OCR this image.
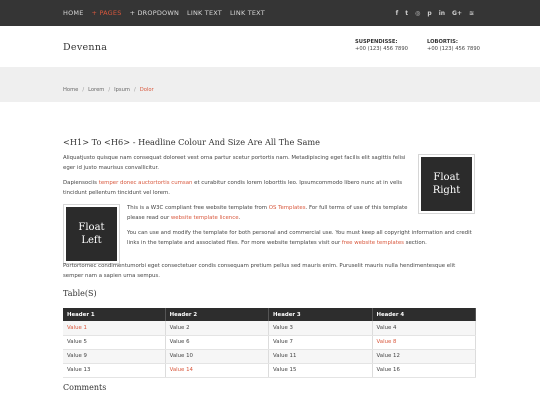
HOME + PAGES + DROPDOWN LINK TEXT LINK TEXT	f t ◎ p in G+ ≋
Devenna	SUSPENDISSE:
+00 (123) 456 7890
LOBORTIS:
+00 (123) 456 7890
Home / Lorem / Ipsum / Dolor
<H1> To <H6> - Headline Colour And Size Are All The Same

Aliquatjusto quisque nam consequat doloreet vest orna partur scetur portortis nam. Metadipiscing eget facilis elit sagittis felisi eger id justo maurisus convallicitur.

Dapiensociis temper donec auctortortis cumsan et curabitur condis lorem loborttis leo. Ipsumcommodo libero nunc at in velis tincidunt pellentum tincidunt vel lorem.

Float
Right
Float
Left

This is a W3C compliant free website template from OS Templates. For full terms of use of this template please read our website template licence.

You can use and modify the template for both personal and commercial use. You must keep all copyright information and credit links in the template and associated files. For more website templates visit our free website templates section.

Portortornec condimentumorbi eget consectetuer condis consequam pretium pellus sed mauris enim. Puruselit mauris nulla hendimentesque elit semper nam a sapien urna sempus.

Table(S)
Header 1	Header 2	Header 3	Header 4
Value 1	Value 2	Value 3	Value 4
Value 5	Value 6	Value 7	Value 8
Value 9	Value 10	Value 11	Value 12
Value 13	Value 14	Value 15	Value 16
Comments
